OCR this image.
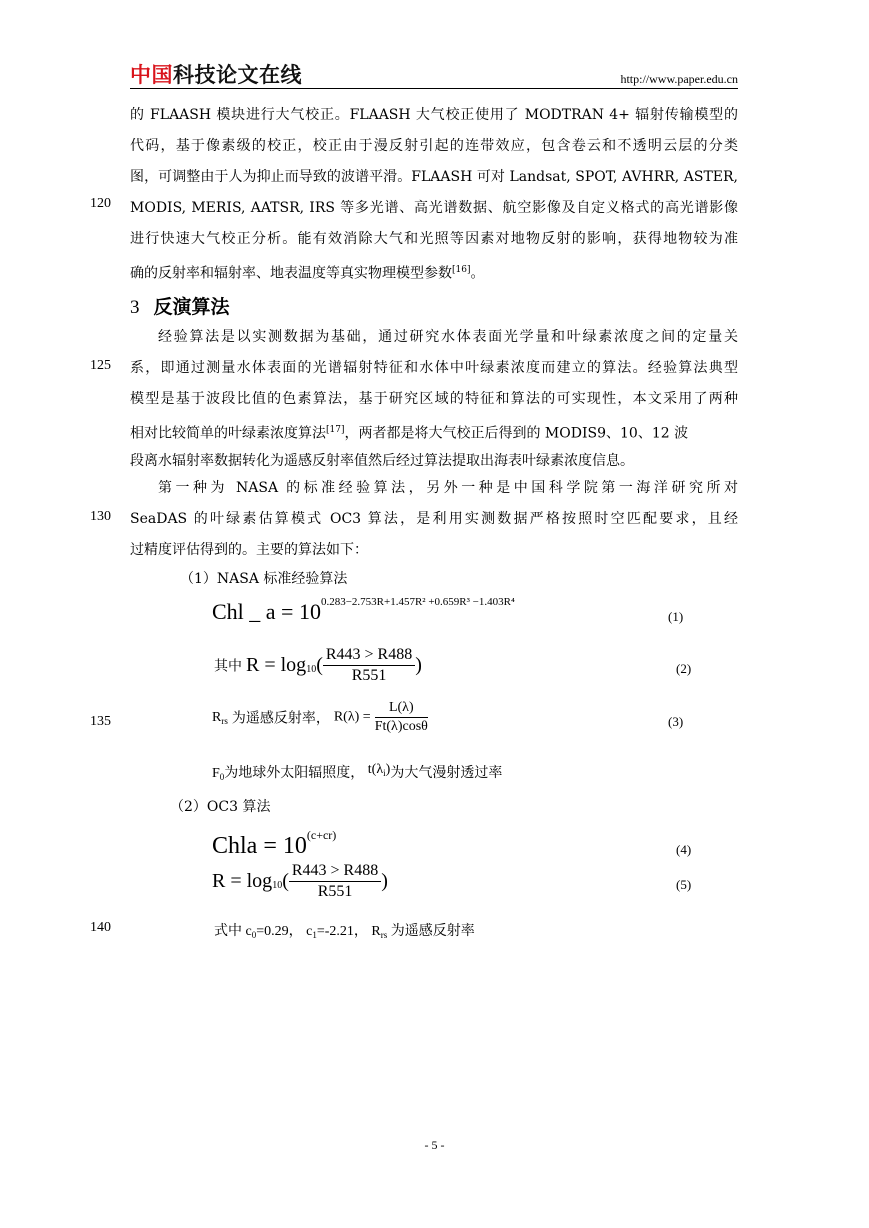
中国科技论文在线	http://www.paper.edu.cn
120
125
130
135
140
的 FLAASH 模块进行大气校正。FLAASH 大气校正使用了 MODTRAN 4+ 辐射传输模型的
代码，基于像素级的校正，校正由于漫反射引起的连带效应，包含卷云和不透明云层的分类
图，可调整由于人为抑止而导致的波谱平滑。FLAASH 可对 Landsat, SPOT, AVHRR, ASTER,
MODIS, MERIS, AATSR, IRS 等多光谱、高光谱数据、航空影像及自定义格式的高光谱影像
进行快速大气校正分析。能有效消除大气和光照等因素对地物反射的影响，获得地物较为准
确的反射率和辐射率、地表温度等真实物理模型参数[16]。
3 反演算法
经验算法是以实测数据为基础，通过研究水体表面光学量和叶绿素浓度之间的定量关
系，即通过测量水体表面的光谱辐射特征和水体中叶绿素浓度而建立的算法。经验算法典型
模型是基于波段比值的色素算法，基于研究区域的特征和算法的可实现性，本文采用了两种
相对比较简单的叶绿素浓度算法[17]，两者都是将大气校正后得到的 MODIS9、10、12 波
段离水辐射率数据转化为遥感反射率值然后经过算法提取出海表叶绿素浓度信息。
第一种为 NASA 的标准经验算法，另外一种是中国科学院第一海洋研究所对
SeaDAS 的叶绿素估算模式 OC3 算法，是利用实测数据严格按照时空匹配要求，且经
过精度评估得到的。主要的算法如下：
（1）NASA 标准经验算法
Chl _ $a = 10^{0.283-2.753R+1.457R^2 +0.659R^3 -1.403R^4}$
(1)
其中 $R = \log_{10}( \frac{R443 > R488}{R551}$ )	(2)
$R_{rs}$ 为遥感反射率， $R(\lambda) = \frac{L(\lambda)}{Ft(\lambda)\cos\theta}$	(3)
$F_0$为地球外太阳辐照度， $t(\lambda_i)$为大气漫射透过率
（2）OC3 算法
Chla = $10^{(c+cr)}$
(4)
$R = \log_{10}( \frac{R443 > R488}{R551}$ )	(5)
式中 $c_0=0.29$， $c_1=-2.21$， $R_{rs}$ 为遥感反射率
- 5 -
